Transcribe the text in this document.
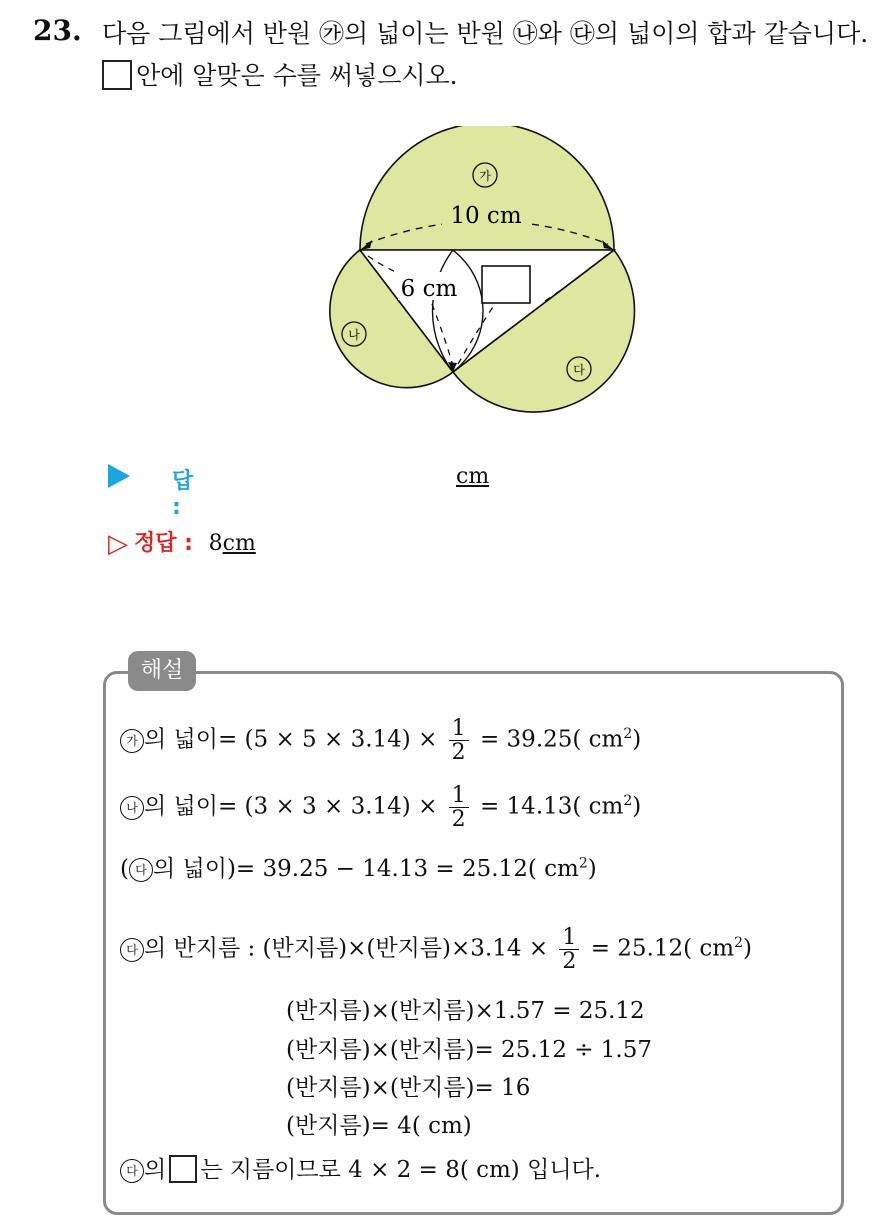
23. 다음 그림에서 반원 ㉮의 넓이는 반원 ㉯와 ㉰의 넓이의 합과 같습니다.
안에 알맞은 수를 써넣으시오.
가
나
다
10 cm
6 cm
답 :
cm
▷ 정답 : 8cm
해설
가 의 넓이= $(5 \times 5 \times 3.14) \times \frac{1}{2} = 39.25$( $cm^2$)
나 의 넓이= $(3 \times 3 \times 3.14) \times \frac{1}{2} = 14.13$( $cm^2$)
( 다 의 넓이)= 39.25 − 14.13 = 25.12( $cm^2$)
다 의 반지름 : (반지름)×(반지름)$\times 3.14 \times \frac{1}{2} = 25.12$( $cm^2$)
(반지름)×(반지름)×1.57 = 25.12
(반지름)×(반지름)= 25.12 ÷ 1.57
(반지름)×(반지름)= 16
(반지름)= 4( cm)
다 의 는 지름이므로 4 × 2 = 8( cm) 입니다.
